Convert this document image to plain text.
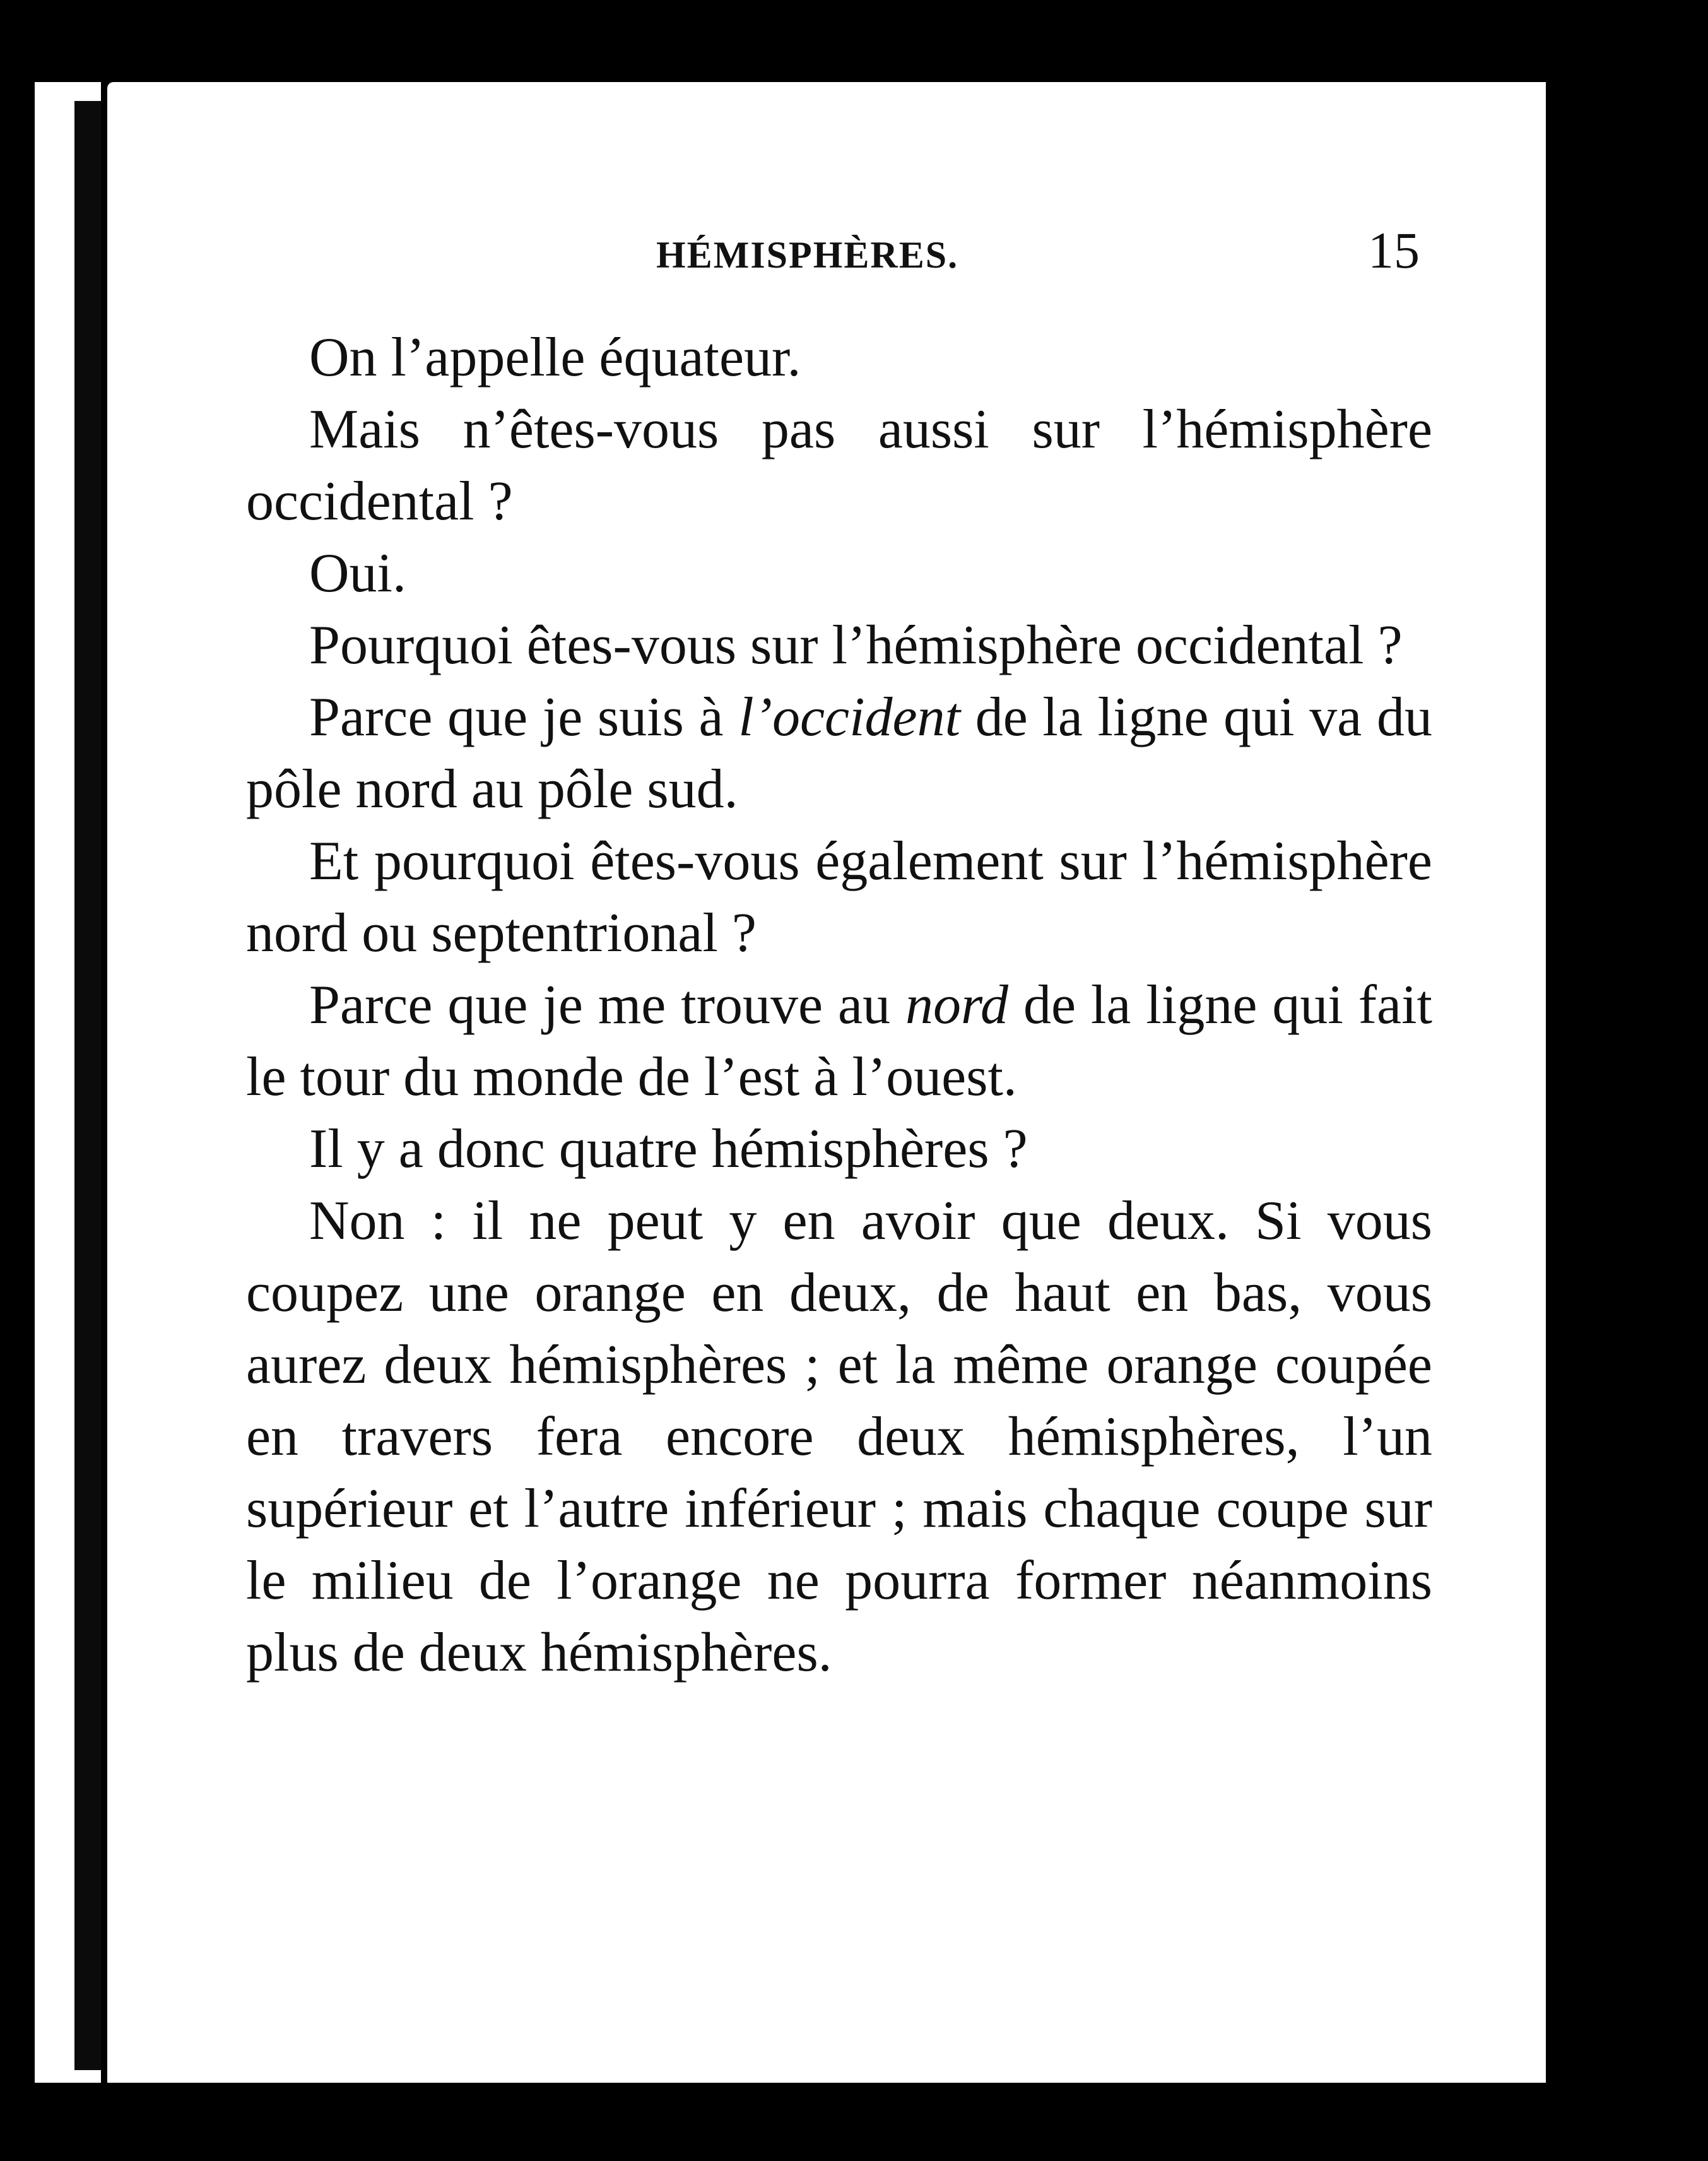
HÉMISPHÈRES.	15

On l’appelle équateur.

Mais n’êtes-vous pas aussi sur l’hémisphère occidental ?

Oui.

Pourquoi êtes-vous sur l’hémisphère occidental ?

Parce que je suis à l’occident de la ligne qui va du pôle nord au pôle sud.

Et pourquoi êtes-vous également sur l’hémisphère nord ou septentrional ?

Parce que je me trouve au nord de la ligne qui fait le tour du monde de l’est à l’ouest.

Il y a donc quatre hémisphères ?

Non : il ne peut y en avoir que deux. Si vous coupez une orange en deux, de haut en bas, vous aurez deux hémisphères ; et la même orange coupée en travers fera encore deux hémisphères, l’un supérieur et l’autre inférieur ; mais chaque coupe sur le milieu de l’orange ne pourra former néanmoins plus de deux hémisphères.
